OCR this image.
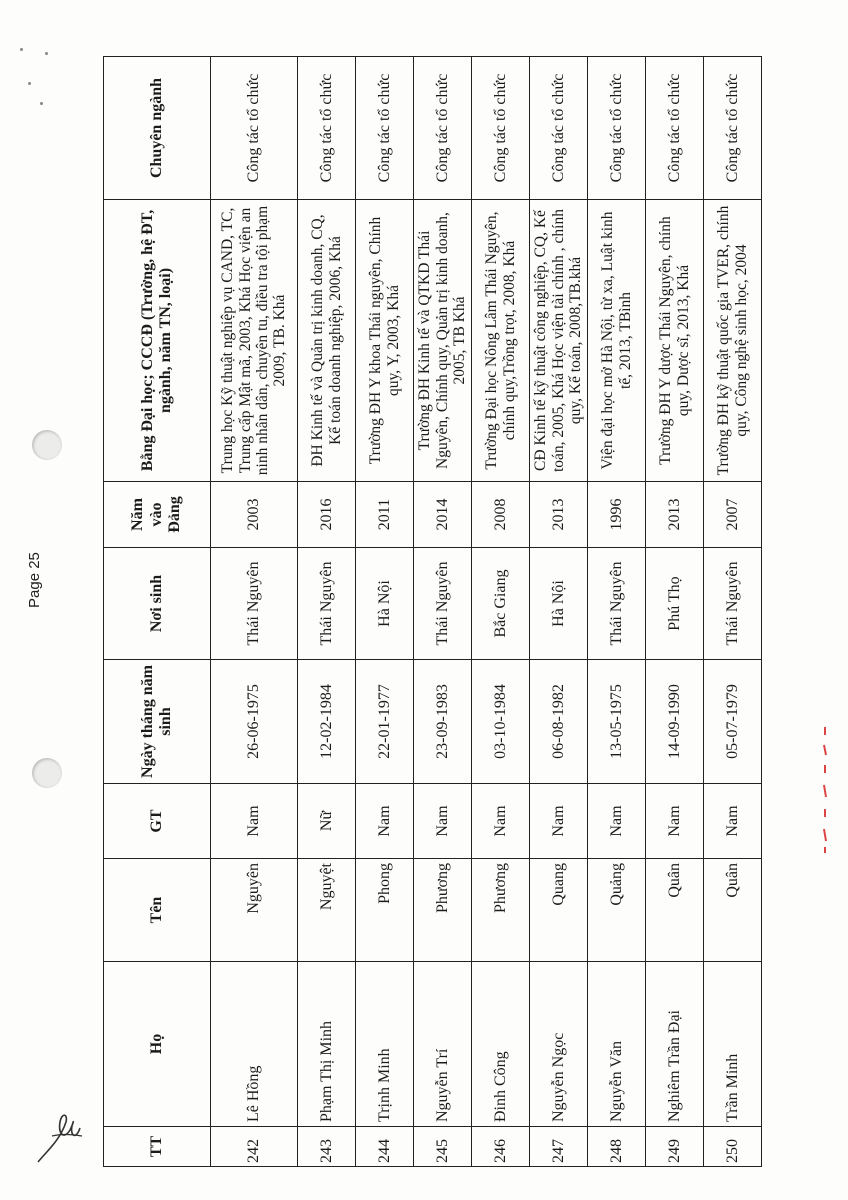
TT	Họ	Tên	GT	Ngày tháng năm sinh	Nơi sinh	Năm vào Đảng	Bằng Đại học; CCCĐ (Trường, hệ ĐT, ngành, năm TN, loại)	Chuyên ngành
242	Lê Hồng	Nguyên	Nam	26-06-1975	Thái Nguyên	2003	Trung học Kỹ thuật nghiệp vụ CAND, TC, Trung cấp Mật mã, 2003, Khá Học viện an ninh nhân dân, chuyên tu, điều tra tội phạm 2009, TB. Khá	Công tác tổ chức
243	Phạm Thị Minh	Nguyệt	Nữ	12-02-1984	Thái Nguyên	2016	ĐH Kinh tế và Quản trị kinh doanh, CQ, Kế toán doanh nghiệp, 2006, Khá	Công tác tổ chức
244	Trịnh Minh	Phong	Nam	22-01-1977	Hà Nội	2011	Trường ĐH Y khoa Thái nguyên, Chính quy, Y, 2003, Khá	Công tác tổ chức
245	Nguyễn Trí	Phương	Nam	23-09-1983	Thái Nguyên	2014	Trường ĐH Kinh tế và QTKD Thái Nguyên, Chính quy, Quản trị kinh doanh, 2005, TB Khá	Công tác tổ chức
246	Đinh Công	Phương	Nam	03-10-1984	Bắc Giang	2008	Trường Đại học Nông Lâm Thái Nguyên, chính quy,Trồng trọt, 2008, Khá	Công tác tổ chức
247	Nguyễn Ngọc	Quang	Nam	06-08-1982	Hà Nội	2013	CĐ Kinh tế kỹ thuật công nghiệp, CQ, Kế toán, 2005, Khá Học viện tài chính , chính quy, Kế toán, 2008,TB.khá	Công tác tổ chức
248	Nguyễn Văn	Quảng	Nam	13-05-1975	Thái Nguyên	1996	Viện đại học mở Hà Nội, từ xa, Luật kinh tế, 2013, TBình	Công tác tổ chức
249	Nghiêm Trần Đại	Quân	Nam	14-09-1990	Phú Thọ	2013	Trường ĐH Y dược Thái Nguyên, chính quy, Dược sĩ, 2013, Khá	Công tác tổ chức
250	Trần Minh	Quân	Nam	05-07-1979	Thái Nguyên	2007	Trường ĐH kỹ thuật quốc gia TVER, chính quy, Công nghệ sinh học, 2004	Công tác tổ chức
Page 25
